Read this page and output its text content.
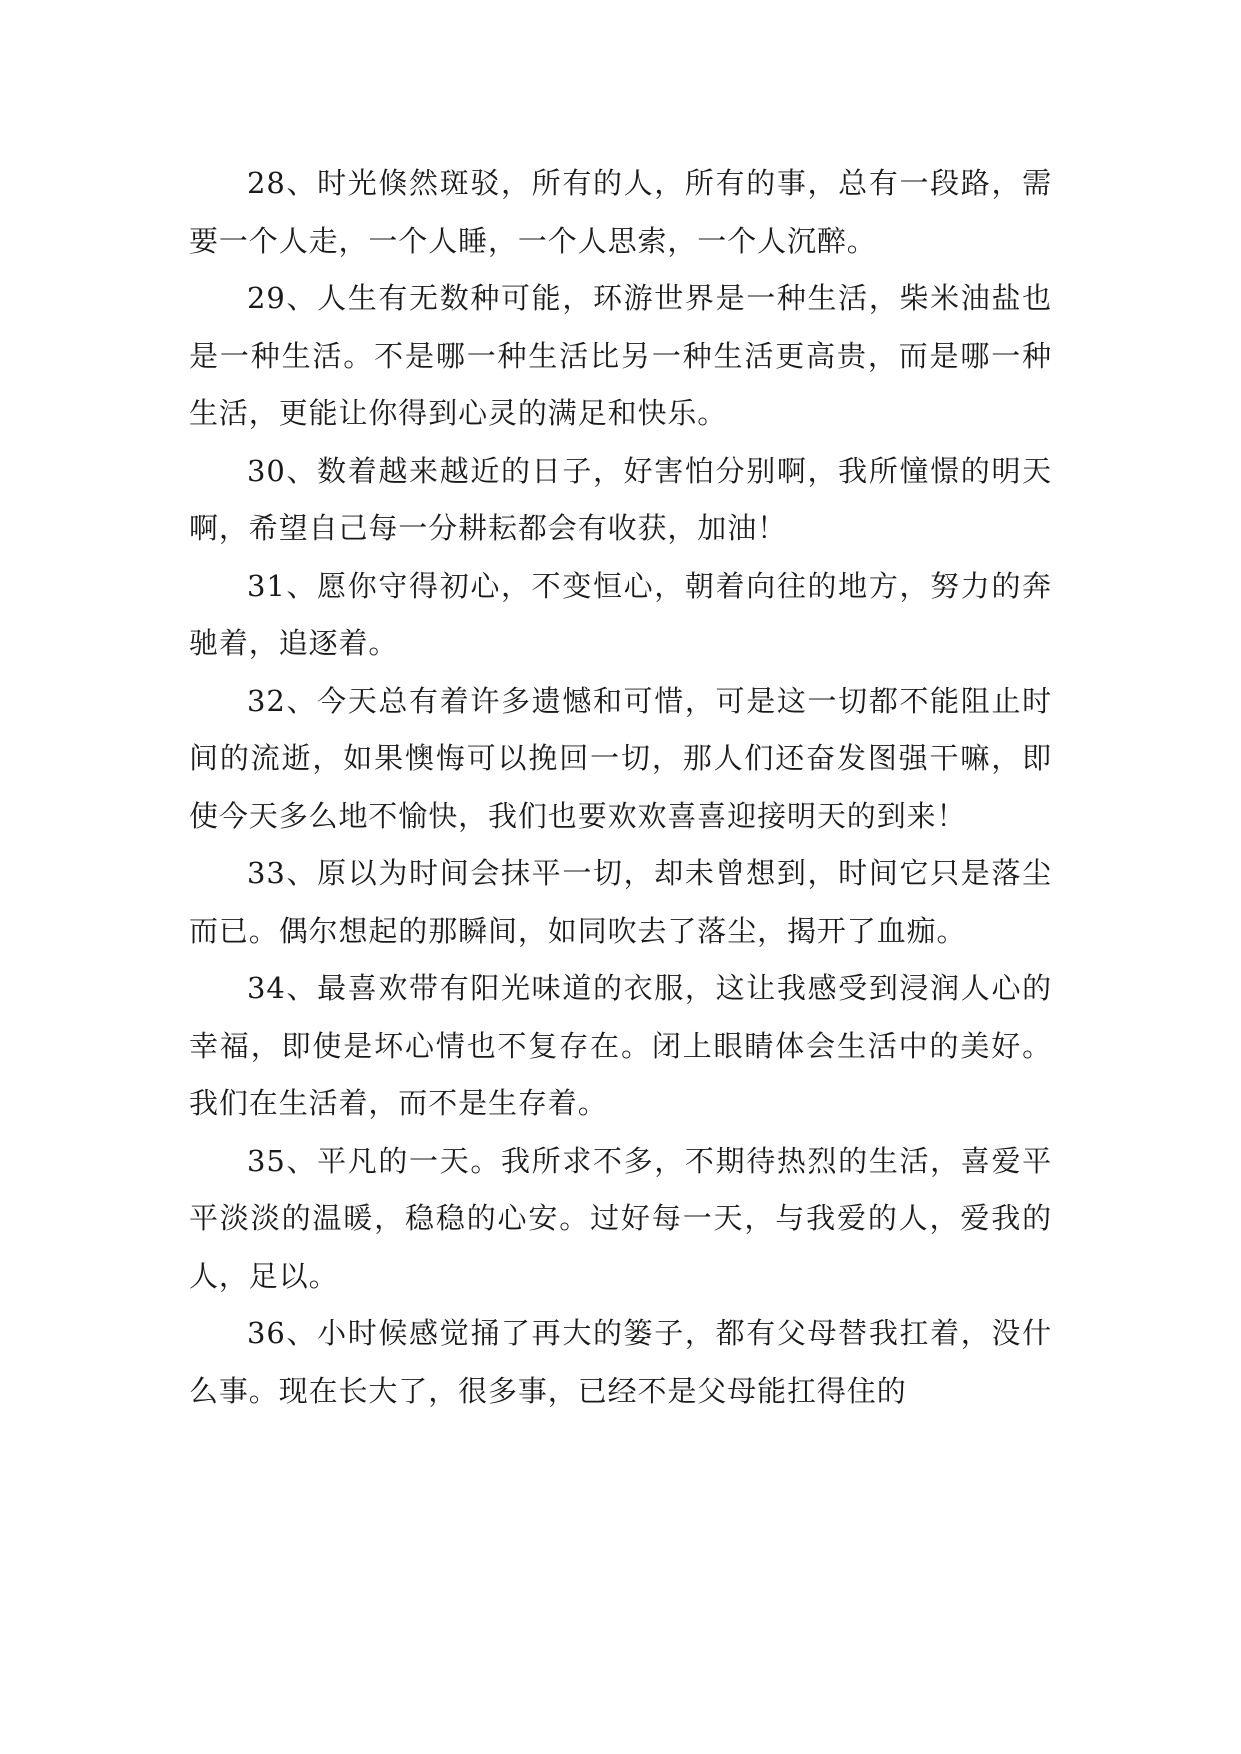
28、时光倏然斑驳，所有的人，所有的事，总有一段路，需要一个人走，一个人睡，一个人思索，一个人沉醉。

29、人生有无数种可能，环游世界是一种生活，柴米油盐也是一种生活。不是哪一种生活比另一种生活更高贵，而是哪一种生活，更能让你得到心灵的满足和快乐。

30、数着越来越近的日子，好害怕分别啊，我所憧憬的明天啊，希望自己每一分耕耘都会有收获，加油！

31、愿你守得初心，不变恒心，朝着向往的地方，努力的奔驰着，追逐着。

32、今天总有着许多遗憾和可惜，可是这一切都不能阻止时间的流逝，如果懊悔可以挽回一切，那人们还奋发图强干嘛，即使今天多么地不愉快，我们也要欢欢喜喜迎接明天的到来！

33、原以为时间会抹平一切，却未曾想到，时间它只是落尘而已。偶尔想起的那瞬间，如同吹去了落尘，揭开了血痂。

34、最喜欢带有阳光味道的衣服，这让我感受到浸润人心的幸福，即使是坏心情也不复存在。闭上眼睛体会生活中的美好。我们在生活着，而不是生存着。

35、平凡的一天。我所求不多，不期待热烈的生活，喜爱平平淡淡的温暖，稳稳的心安。过好每一天，与我爱的人，爱我的人，足以。

36、小时候感觉捅了再大的篓子，都有父母替我扛着，没什么事。现在长大了，很多事，已经不是父母能扛得住的
